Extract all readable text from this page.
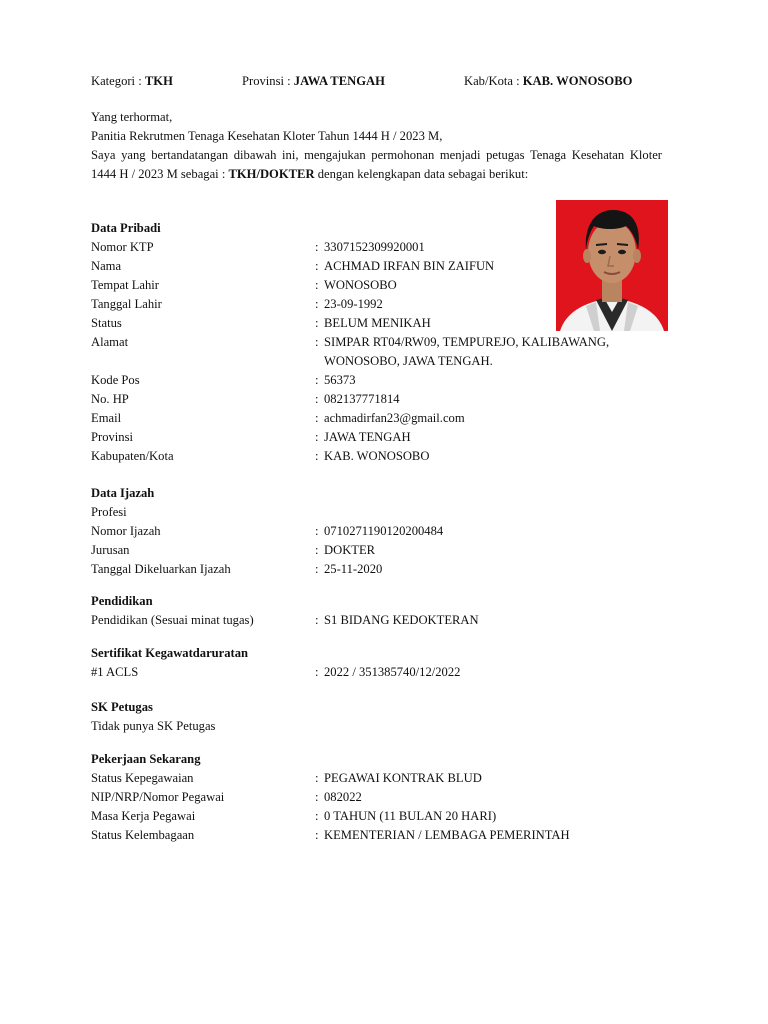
Kategori : TKH	Provinsi : JAWA TENGAH	Kab/Kota : KAB. WONOSOBO

Yang terhormat,

Panitia Rekrutmen Tenaga Kesehatan Kloter Tahun 1444 H / 2023 M,

Saya yang bertandatangan dibawah ini, mengajukan permohonan menjadi petugas Tenaga Kesehatan Kloter 1444 H / 2023 M sebagai : TKH/DOKTER dengan kelengkapan data sebagai berikut:

Data Pribadi
Nomor KTP	: 3307152309920001
Nama	: ACHMAD IRFAN BIN ZAIFUN
Tempat Lahir	: WONOSOBO
Tanggal Lahir	: 23-09-1992
Status	: BELUM MENIKAH
Alamat	: SIMPAR RT04/RW09, TEMPUREJO, KALIBAWANG, WONOSOBO, JAWA TENGAH.
Kode Pos	: 56373
No. HP	: 082137771814
Email	: achmadirfan23@gmail.com
Provinsi	: JAWA TENGAH
Kabupaten/Kota	: KAB. WONOSOBO
Data Ijazah
Profesi
Nomor Ijazah	: 0710271190120200484
Jurusan	: DOKTER
Tanggal Dikeluarkan Ijazah	: 25-11-2020
Pendidikan
Pendidikan (Sesuai minat tugas)	: S1 BIDANG KEDOKTERAN
Sertifikat Kegawatdaruratan
#1 ACLS	: 2022 / 351385740/12/2022
SK Petugas
Tidak punya SK Petugas
Pekerjaan Sekarang
Status Kepegawaian	: PEGAWAI KONTRAK BLUD
NIP/NRP/Nomor Pegawai	: 082022
Masa Kerja Pegawai	: 0 TAHUN (11 BULAN 20 HARI)
Status Kelembagaan	: KEMENTERIAN / LEMBAGA PEMERINTAH
